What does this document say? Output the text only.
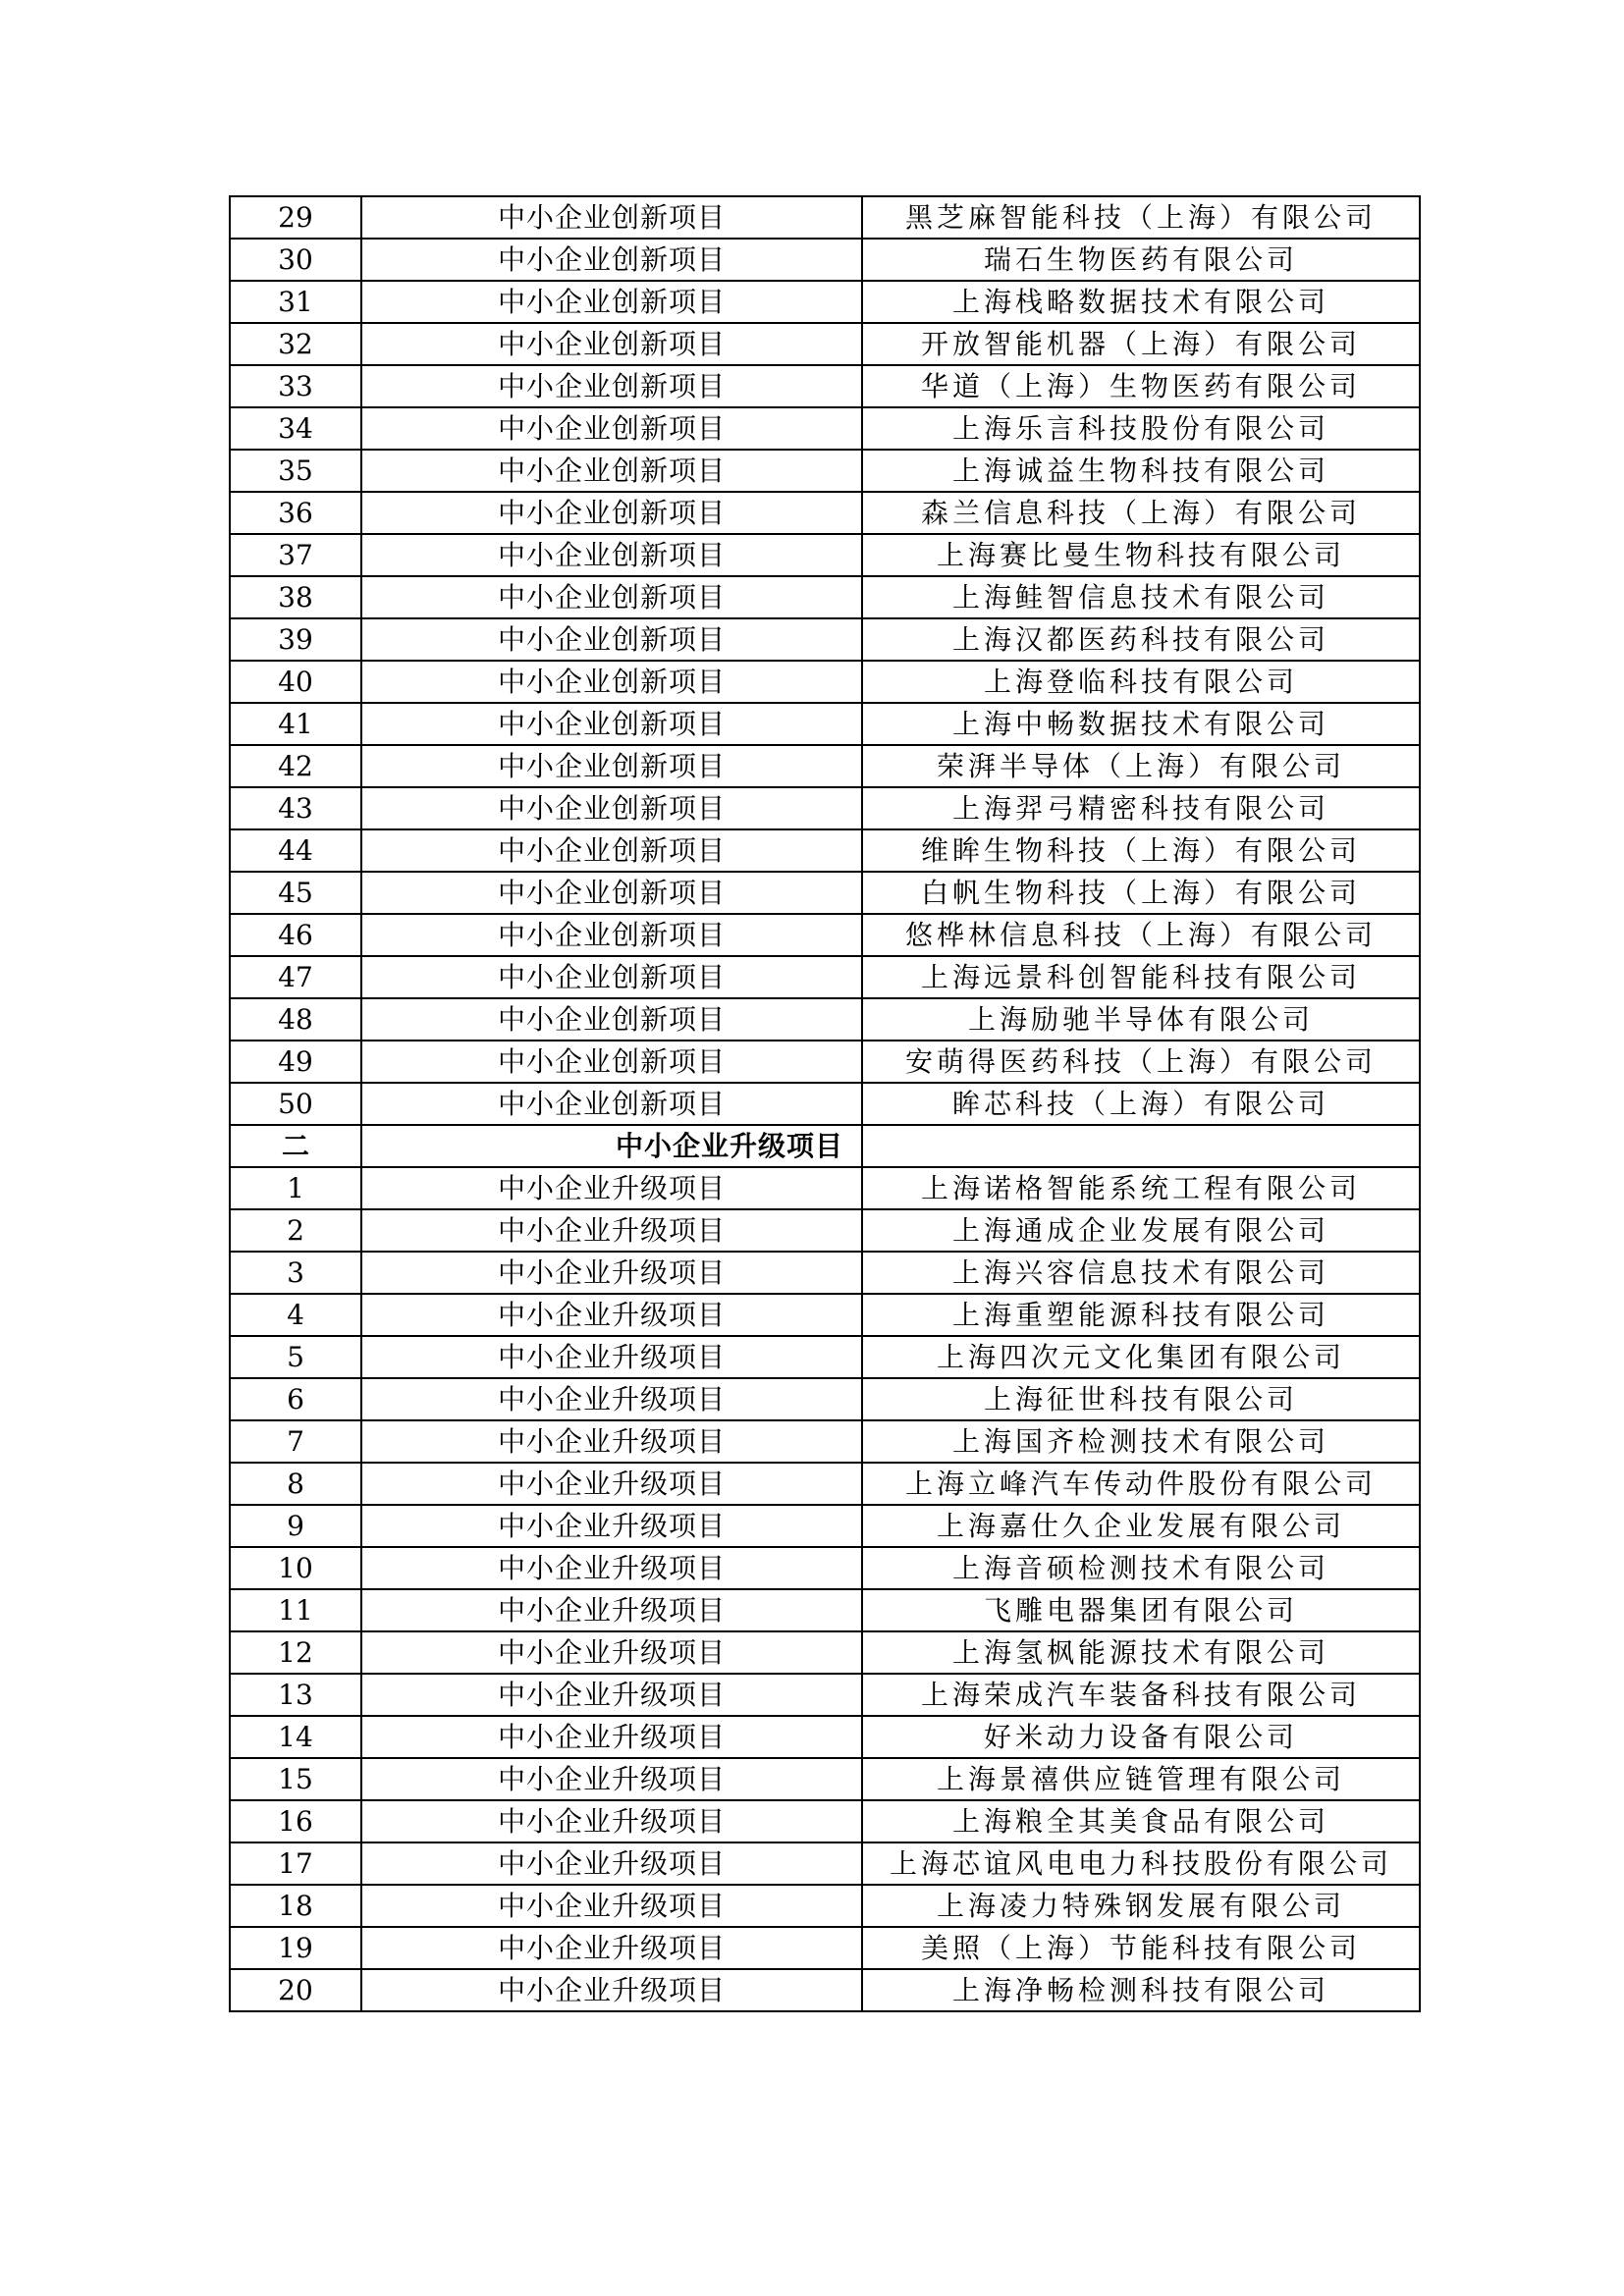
29	中小企业创新项目	黑芝麻智能科技（上海）有限公司
30	中小企业创新项目	瑞石生物医药有限公司
31	中小企业创新项目	上海栈略数据技术有限公司
32	中小企业创新项目	开放智能机器（上海）有限公司
33	中小企业创新项目	华道（上海）生物医药有限公司
34	中小企业创新项目	上海乐言科技股份有限公司
35	中小企业创新项目	上海诚益生物科技有限公司
36	中小企业创新项目	森兰信息科技（上海）有限公司
37	中小企业创新项目	上海赛比曼生物科技有限公司
38	中小企业创新项目	上海鲑智信息技术有限公司
39	中小企业创新项目	上海汉都医药科技有限公司
40	中小企业创新项目	上海登临科技有限公司
41	中小企业创新项目	上海中畅数据技术有限公司
42	中小企业创新项目	荣湃半导体（上海）有限公司
43	中小企业创新项目	上海羿弓精密科技有限公司
44	中小企业创新项目	维眸生物科技（上海）有限公司
45	中小企业创新项目	白帆生物科技（上海）有限公司
46	中小企业创新项目	悠桦林信息科技（上海）有限公司
47	中小企业创新项目	上海远景科创智能科技有限公司
48	中小企业创新项目	上海励驰半导体有限公司
49	中小企业创新项目	安萌得医药科技（上海）有限公司
50	中小企业创新项目	眸芯科技（上海）有限公司
二	中小企业升级项目	
1	中小企业升级项目	上海诺格智能系统工程有限公司
2	中小企业升级项目	上海通成企业发展有限公司
3	中小企业升级项目	上海兴容信息技术有限公司
4	中小企业升级项目	上海重塑能源科技有限公司
5	中小企业升级项目	上海四次元文化集团有限公司
6	中小企业升级项目	上海征世科技有限公司
7	中小企业升级项目	上海国齐检测技术有限公司
8	中小企业升级项目	上海立峰汽车传动件股份有限公司
9	中小企业升级项目	上海嘉仕久企业发展有限公司
10	中小企业升级项目	上海音硕检测技术有限公司
11	中小企业升级项目	飞雕电器集团有限公司
12	中小企业升级项目	上海氢枫能源技术有限公司
13	中小企业升级项目	上海荣成汽车装备科技有限公司
14	中小企业升级项目	好米动力设备有限公司
15	中小企业升级项目	上海景禧供应链管理有限公司
16	中小企业升级项目	上海粮全其美食品有限公司
17	中小企业升级项目	上海芯谊风电电力科技股份有限公司
18	中小企业升级项目	上海凌力特殊钢发展有限公司
19	中小企业升级项目	美照（上海）节能科技有限公司
20	中小企业升级项目	上海净畅检测科技有限公司
